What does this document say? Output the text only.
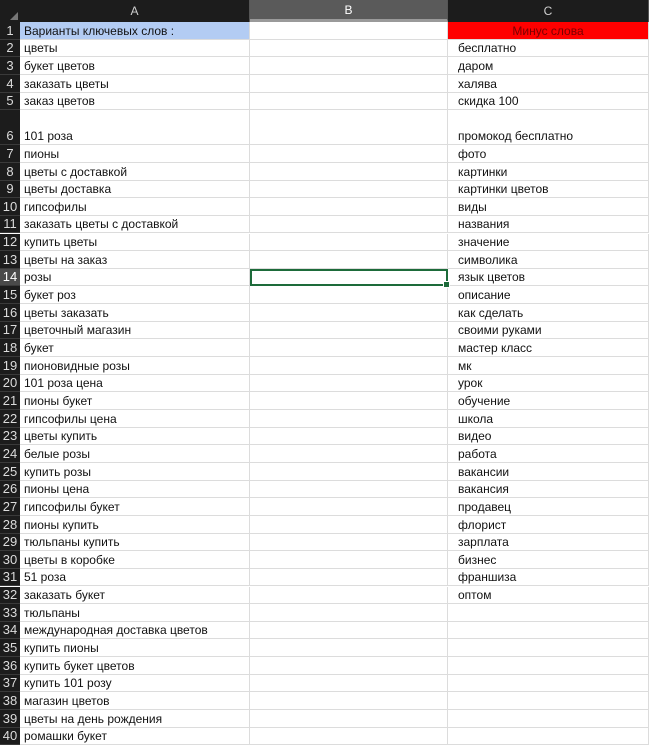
A	B	C
1 Варианты ключевых слов :	Минус слова
2 цветы	бесплатно
3 букет цветов	даром
4 заказать цветы	халява
5 заказ цветов	скидка 100
6 101 роза	промокод бесплатно
7 пионы	фото
8 цветы с доставкой	картинки
9 цветы доставка	картинки цветов
10 гипсофилы	виды
11 заказать цветы с доставкой	названия
12 купить цветы	значение
13 цветы на заказ	символика
14 розы	язык цветов
15 букет роз	описание
16 цветы заказать	как сделать
17 цветочный магазин	своими руками
18 букет	мастер класс
19 пионовидные розы	мк
20 101 роза цена	урок
21 пионы букет	обучение
22 гипсофилы цена	школа
23 цветы купить	видео
24 белые розы	работа
25 купить розы	вакансии
26 пионы цена	вакансия
27 гипсофилы букет	продавец
28 пионы купить	флорист
29 тюльпаны купить	зарплата
30 цветы в коробке	бизнес
31 51 роза	франшиза
32 заказать букет	оптом
33 тюльпаны
34 международная доставка цветов
35 купить пионы
36 купить букет цветов
37 купить 101 розу
38 магазин цветов
39 цветы на день рождения
40 ромашки букет
